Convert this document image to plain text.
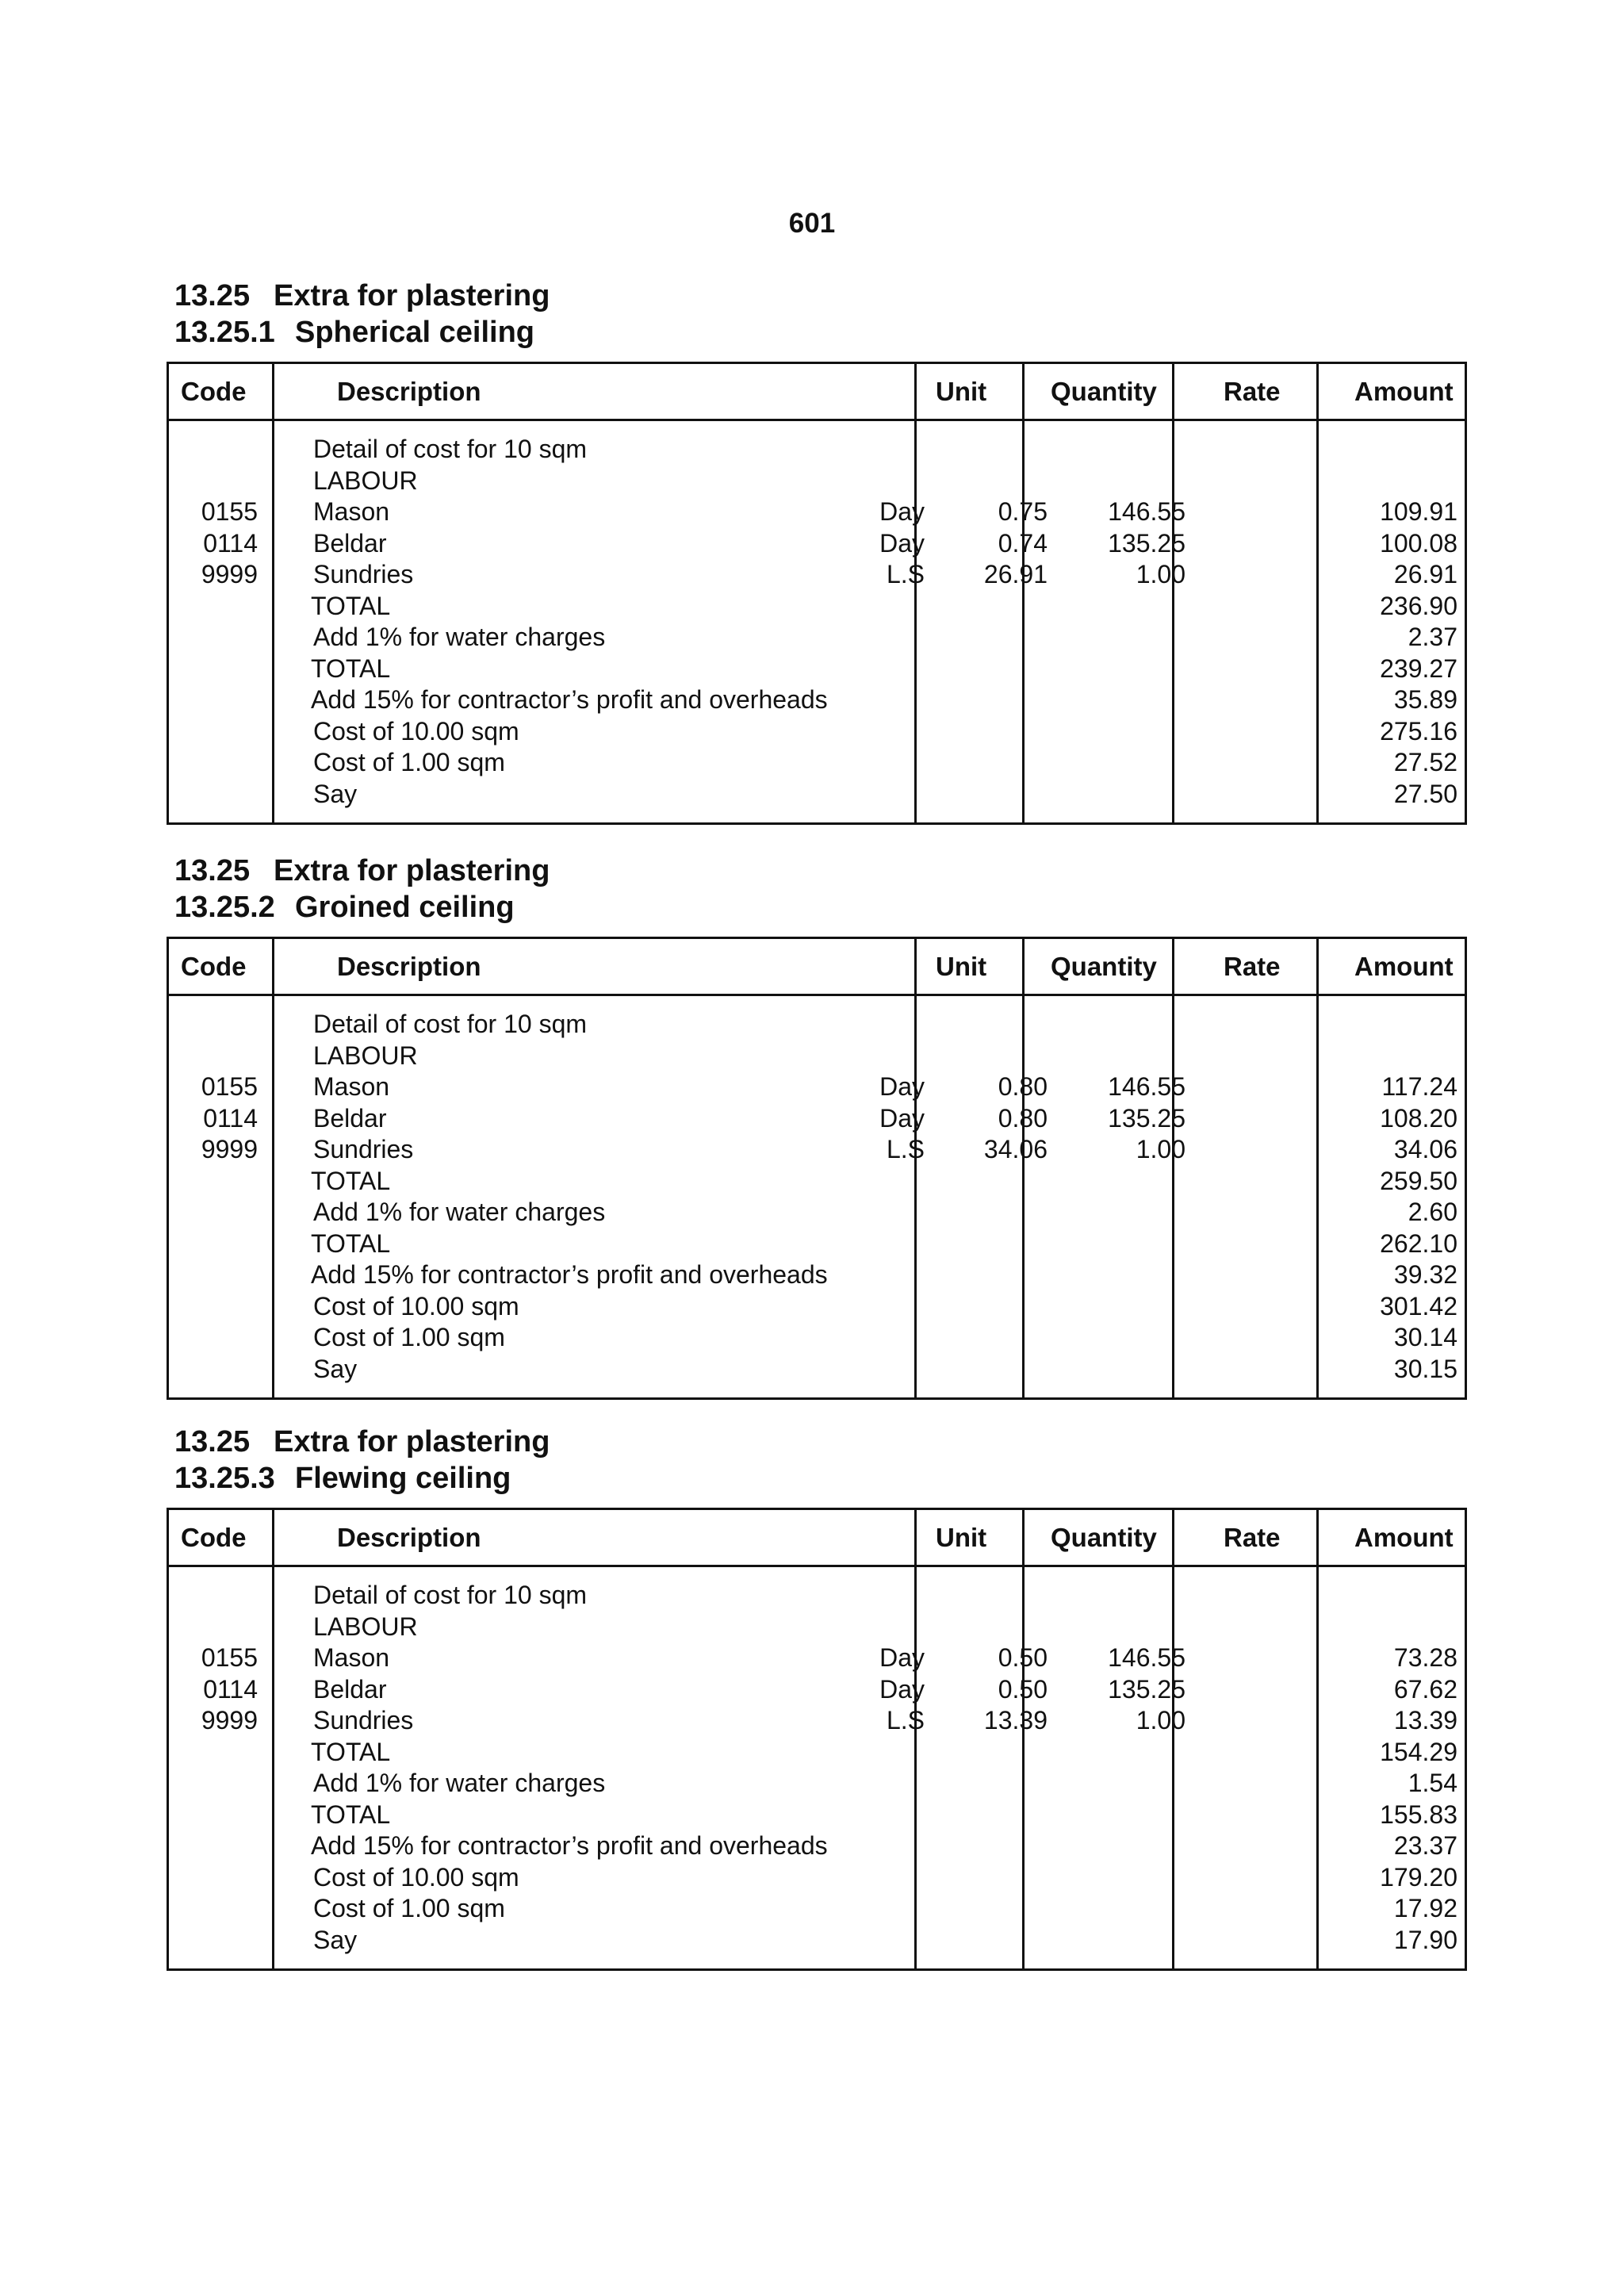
601
13.25 Extra for plastering
13.25.1 Spherical ceiling
Code	Description	Unit Quantity	Rate	Amount
Detail of cost for 10 sqm
LABOUR
0155 Mason	Day	0.75	146.55	109.91
0114 Beldar	Day	0.74	135.25	100.08
9999 Sundries	L.S	26.91	1.00	26.91
TOTAL	236.90
Add 1% for water charges	2.37
TOTAL	239.27
Add 15% for contractor’s profit and overheads	35.89
Cost of 10.00 sqm	275.16
Cost of 1.00 sqm	27.52
Say	27.50
13.25 Extra for plastering
13.25.2 Groined ceiling
Code	Description	Unit Quantity	Rate	Amount
Detail of cost for 10 sqm
LABOUR
0155 Mason	Day	0.80	146.55	117.24
0114 Beldar	Day	0.80	135.25	108.20
9999 Sundries	L.S	34.06	1.00	34.06
TOTAL	259.50
Add 1% for water charges	2.60
TOTAL	262.10
Add 15% for contractor’s profit and overheads	39.32
Cost of 10.00 sqm	301.42
Cost of 1.00 sqm	30.14
Say	30.15
13.25 Extra for plastering
13.25.3 Flewing ceiling
Code	Description	Unit Quantity	Rate	Amount
Detail of cost for 10 sqm
LABOUR
0155 Mason	Day	0.50	146.55	73.28
0114 Beldar	Day	0.50	135.25	67.62
9999 Sundries	L.S	13.39	1.00	13.39
TOTAL	154.29
Add 1% for water charges	1.54
TOTAL	155.83
Add 15% for contractor’s profit and overheads	23.37
Cost of 10.00 sqm	179.20
Cost of 1.00 sqm	17.92
Say	17.90
